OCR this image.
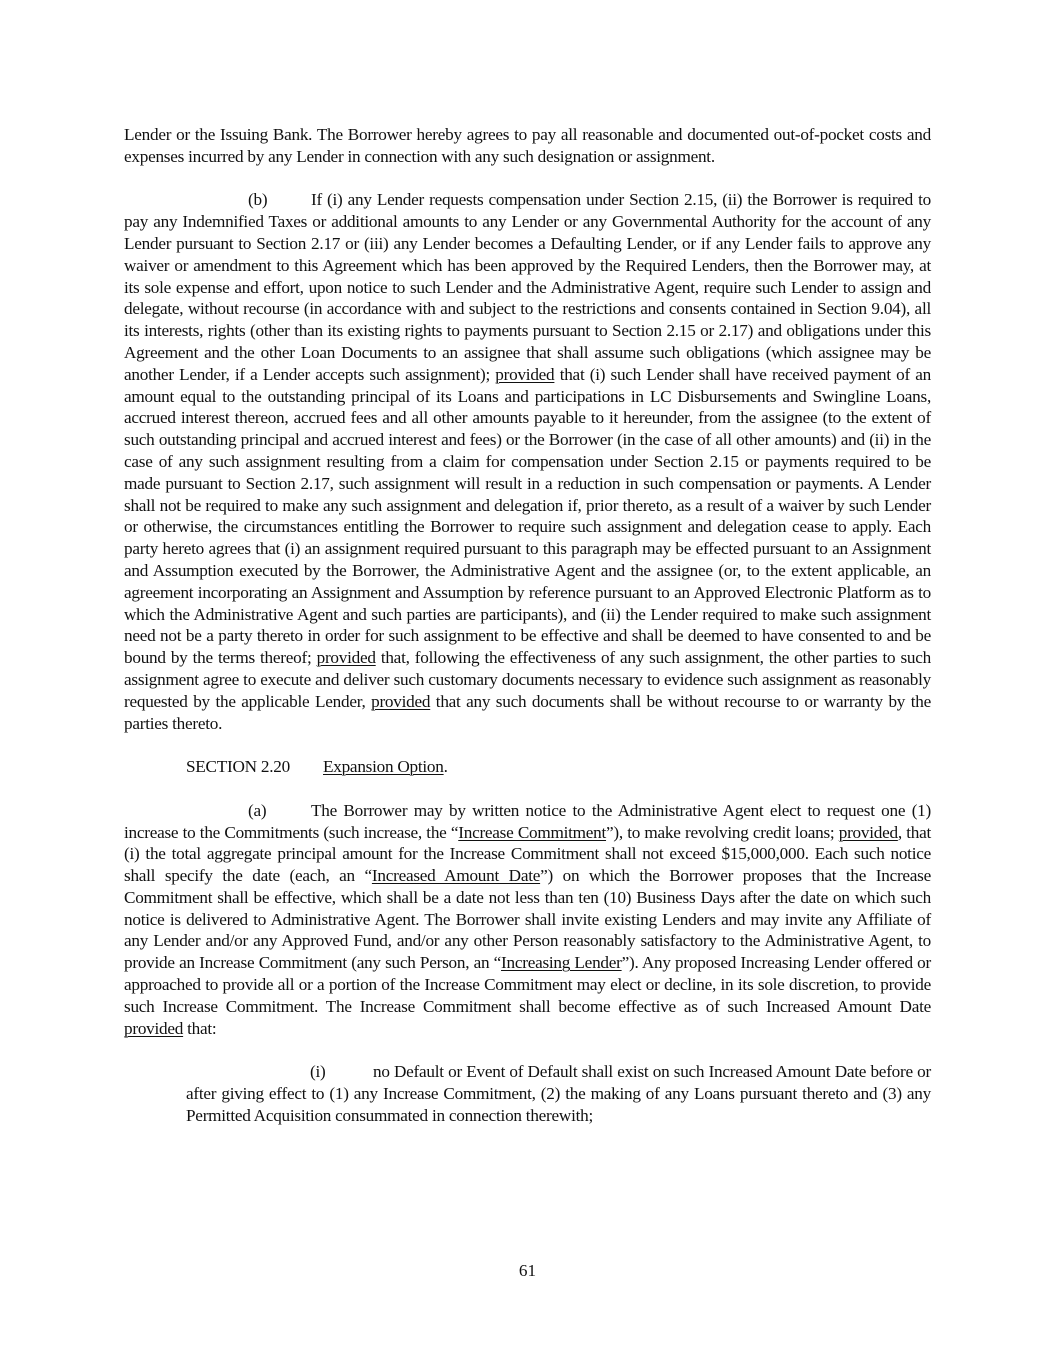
Lender or the Issuing Bank. The Borrower hereby agrees to pay all reasonable and documented out-of-pocket costs and expenses incurred by any Lender in connection with any such designation or assignment.

(b)	If (i) any Lender requests compensation under Section 2.15, (ii) the Borrower is required to pay any Indemnified Taxes or additional amounts to any Lender or any Governmental Authority for the account of any Lender pursuant to Section 2.17 or (iii) any Lender becomes a Defaulting Lender, or if any Lender fails to approve any waiver or amendment to this Agreement which has been approved by the Required Lenders, then the Borrower may, at its sole expense and effort, upon notice to such Lender and the Administrative Agent, require such Lender to assign and delegate, without recourse (in accordance with and subject to the restrictions and consents contained in Section 9.04), all its interests, rights (other than its existing rights to payments pursuant to Section 2.15 or 2.17) and obligations under this Agreement and the other Loan Documents to an assignee that shall assume such obligations (which assignee may be another Lender, if a Lender accepts such assignment); provided that (i) such Lender shall have received payment of an amount equal to the outstanding principal of its Loans and participations in LC Disbursements and Swingline Loans, accrued interest thereon, accrued fees and all other amounts payable to it hereunder, from the assignee (to the extent of such outstanding principal and accrued interest and fees) or the Borrower (in the case of all other amounts) and (ii) in the case of any such assignment resulting from a claim for compensation under Section 2.15 or payments required to be made pursuant to Section 2.17, such assignment will result in a reduction in such compensation or payments. A Lender shall not be required to make any such assignment and delegation if, prior thereto, as a result of a waiver by such Lender or otherwise, the circumstances entitling the Borrower to require such assignment and delegation cease to apply. Each party hereto agrees that (i) an assignment required pursuant to this paragraph may be effected pursuant to an Assignment and Assumption executed by the Borrower, the Administrative Agent and the assignee (or, to the extent applicable, an agreement incorporating an Assignment and Assumption by reference pursuant to an Approved Electronic Platform as to which the Administrative Agent and such parties are participants), and (ii) the Lender required to make such assignment need not be a party thereto in order for such assignment to be effective and shall be deemed to have consented to and be bound by the terms thereof; provided that, following the effectiveness of any such assignment, the other parties to such assignment agree to execute and deliver such customary documents necessary to evidence such assignment as reasonably requested by the applicable Lender, provided that any such documents shall be without recourse to or warranty by the parties thereto.

SECTION 2.20 Expansion Option.

(a)	The Borrower may by written notice to the Administrative Agent elect to request one (1) increase to the Commitments (such increase, the “Increase Commitment”), to make revolving credit loans; provided, that (i) the total aggregate principal amount for the Increase Commitment shall not exceed $15,000,000. Each such notice shall specify the date (each, an “Increased Amount Date”) on which the Borrower proposes that the Increase Commitment shall be effective, which shall be a date not less than ten (10) Business Days after the date on which such notice is delivered to Administrative Agent. The Borrower shall invite existing Lenders and may invite any Affiliate of any Lender and/or any Approved Fund, and/or any other Person reasonably satisfactory to the Administrative Agent, to provide an Increase Commitment (any such Person, an “Increasing Lender”). Any proposed Increasing Lender offered or approached to provide all or a portion of the Increase Commitment may elect or decline, in its sole discretion, to provide such Increase Commitment. The Increase Commitment shall become effective as of such Increased Amount Date provided that:

(i)	no Default or Event of Default shall exist on such Increased Amount Date before or after giving effect to (1) any Increase Commitment, (2) the making of any Loans pursuant thereto and (3) any Permitted Acquisition consummated in connection therewith;

61
